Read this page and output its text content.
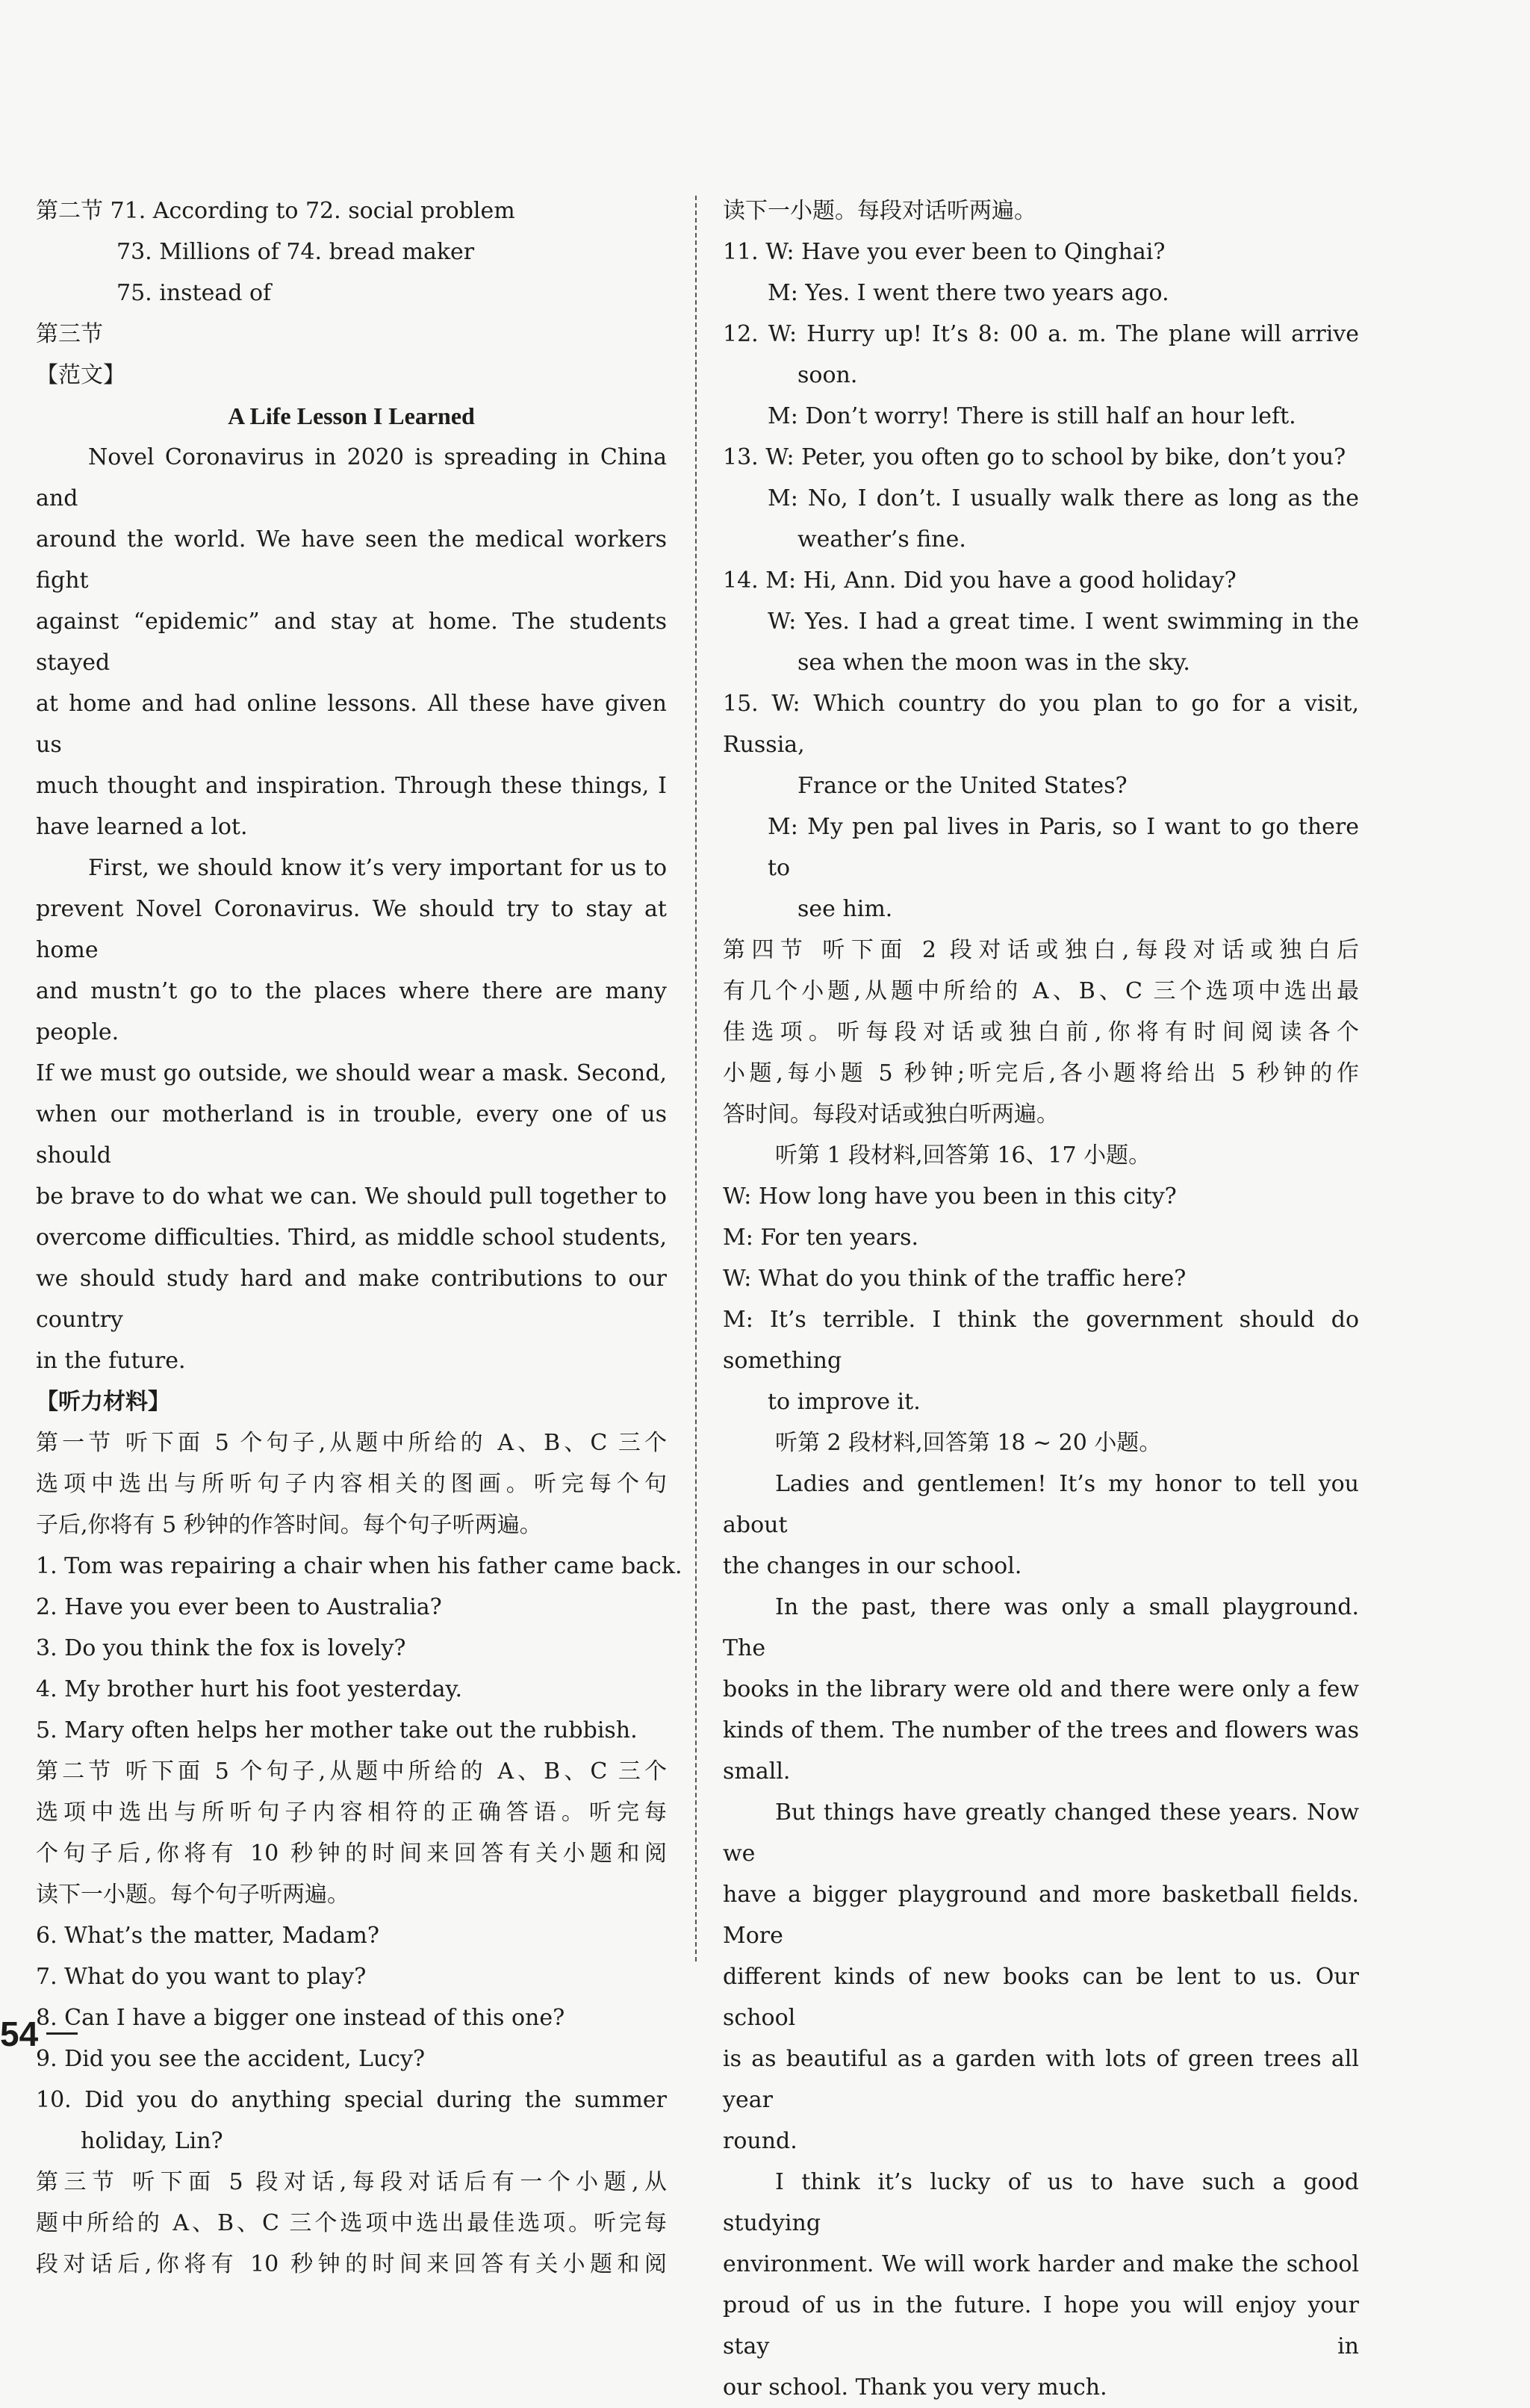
第二节 71. According to 72. social problem
73. Millions of 74. bread maker
75. instead of
第三节
【范文】
A Life Lesson I Learned
Novel Coronavirus in 2020 is spreading in China and
around the world. We have seen the medical workers fight
against “epidemic” and stay at home. The students stayed
at home and had online lessons. All these have given us
much thought and inspiration. Through these things, I
have learned a lot.
First, we should know it’s very important for us to
prevent Novel Coronavirus. We should try to stay at home
and mustn’t go to the places where there are many people.
If we must go outside, we should wear a mask. Second,
when our motherland is in trouble, every one of us should
be brave to do what we can. We should pull together to
overcome difficulties. Third, as middle school students,
we should study hard and make contributions to our country
in the future.
【听力材料】
第一节 听下面 5 个句子,从题中所给的 A、B、C 三个
选项中选出与所听句子内容相关的图画。听完每个句
子后,你将有 5 秒钟的作答时间。每个句子听两遍。
1. Tom was repairing a chair when his father came back.
2. Have you ever been to Australia?
3. Do you think the fox is lovely?
4. My brother hurt his foot yesterday.
5. Mary often helps her mother take out the rubbish.
第二节 听下面 5 个句子,从题中所给的 A、B、C 三个
选项中选出与所听句子内容相符的正确答语。听完每
个句子后,你将有 10 秒钟的时间来回答有关小题和阅
读下一小题。每个句子听两遍。
6. What’s the matter, Madam?
7. What do you want to play?
8. Can I have a bigger one instead of this one?
9. Did you see the accident, Lucy?
10. Did you do anything special during the summer
holiday, Lin?
第三节 听下面 5 段对话,每段对话后有一个小题,从
题中所给的 A、B、C 三个选项中选出最佳选项。听完每
段对话后,你将有 10 秒钟的时间来回答有关小题和阅
读下一小题。每段对话听两遍。
11. W: Have you ever been to Qinghai?
M: Yes. I went there two years ago.
12. W: Hurry up! It’s 8: 00 a. m. The plane will arrive
soon.
M: Don’t worry! There is still half an hour left.
13. W: Peter, you often go to school by bike, don’t you?
M: No, I don’t. I usually walk there as long as the
weather’s fine.
14. M: Hi, Ann. Did you have a good holiday?
W: Yes. I had a great time. I went swimming in the
sea when the moon was in the sky.
15. W: Which country do you plan to go for a visit, Russia,
France or the United States?
M: My pen pal lives in Paris, so I want to go there to
see him.
第四节 听下面 2 段对话或独白,每段对话或独白后
有几个小题,从题中所给的 A、B、C 三个选项中选出最
佳选项。听每段对话或独白前,你将有时间阅读各个
小题,每小题 5 秒钟;听完后,各小题将给出 5 秒钟的作
答时间。每段对话或独白听两遍。
听第 1 段材料,回答第 16、17 小题。
W: How long have you been in this city?
M: For ten years.
W: What do you think of the traffic here?
M: It’s terrible. I think the government should do something
to improve it.
听第 2 段材料,回答第 18 ~ 20 小题。
Ladies and gentlemen! It’s my honor to tell you about
the changes in our school.
In the past, there was only a small playground. The
books in the library were old and there were only a few
kinds of them. The number of the trees and flowers was
small.
But things have greatly changed these years. Now we
have a bigger playground and more basketball fields. More
different kinds of new books can be lent to us. Our school
is as beautiful as a garden with lots of green trees all year
round.
I think it’s lucky of us to have such a good studying
environment. We will work harder and make the school
proud of us in the future. I hope you will enjoy your stay in
our school. Thank you very much.
54
